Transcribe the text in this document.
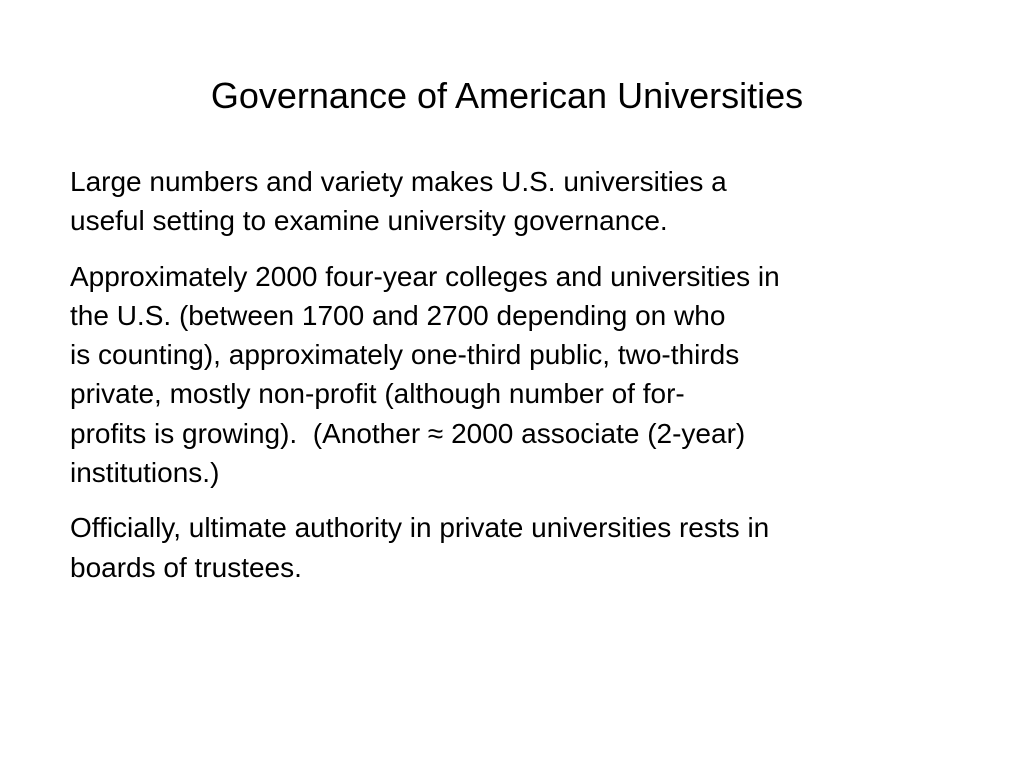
Governance of American Universities

Large numbers and variety makes U.S. universities a
useful setting to examine university governance.

Approximately 2000 four-year colleges and universities in
the U.S. (between 1700 and 2700 depending on who
is counting), approximately one-third public, two-thirds
private, mostly non-profit (although number of for-
profits is growing).  (Another ≈ 2000 associate (2-year)
institutions.)

Officially, ultimate authority in private universities rests in
boards of trustees.
